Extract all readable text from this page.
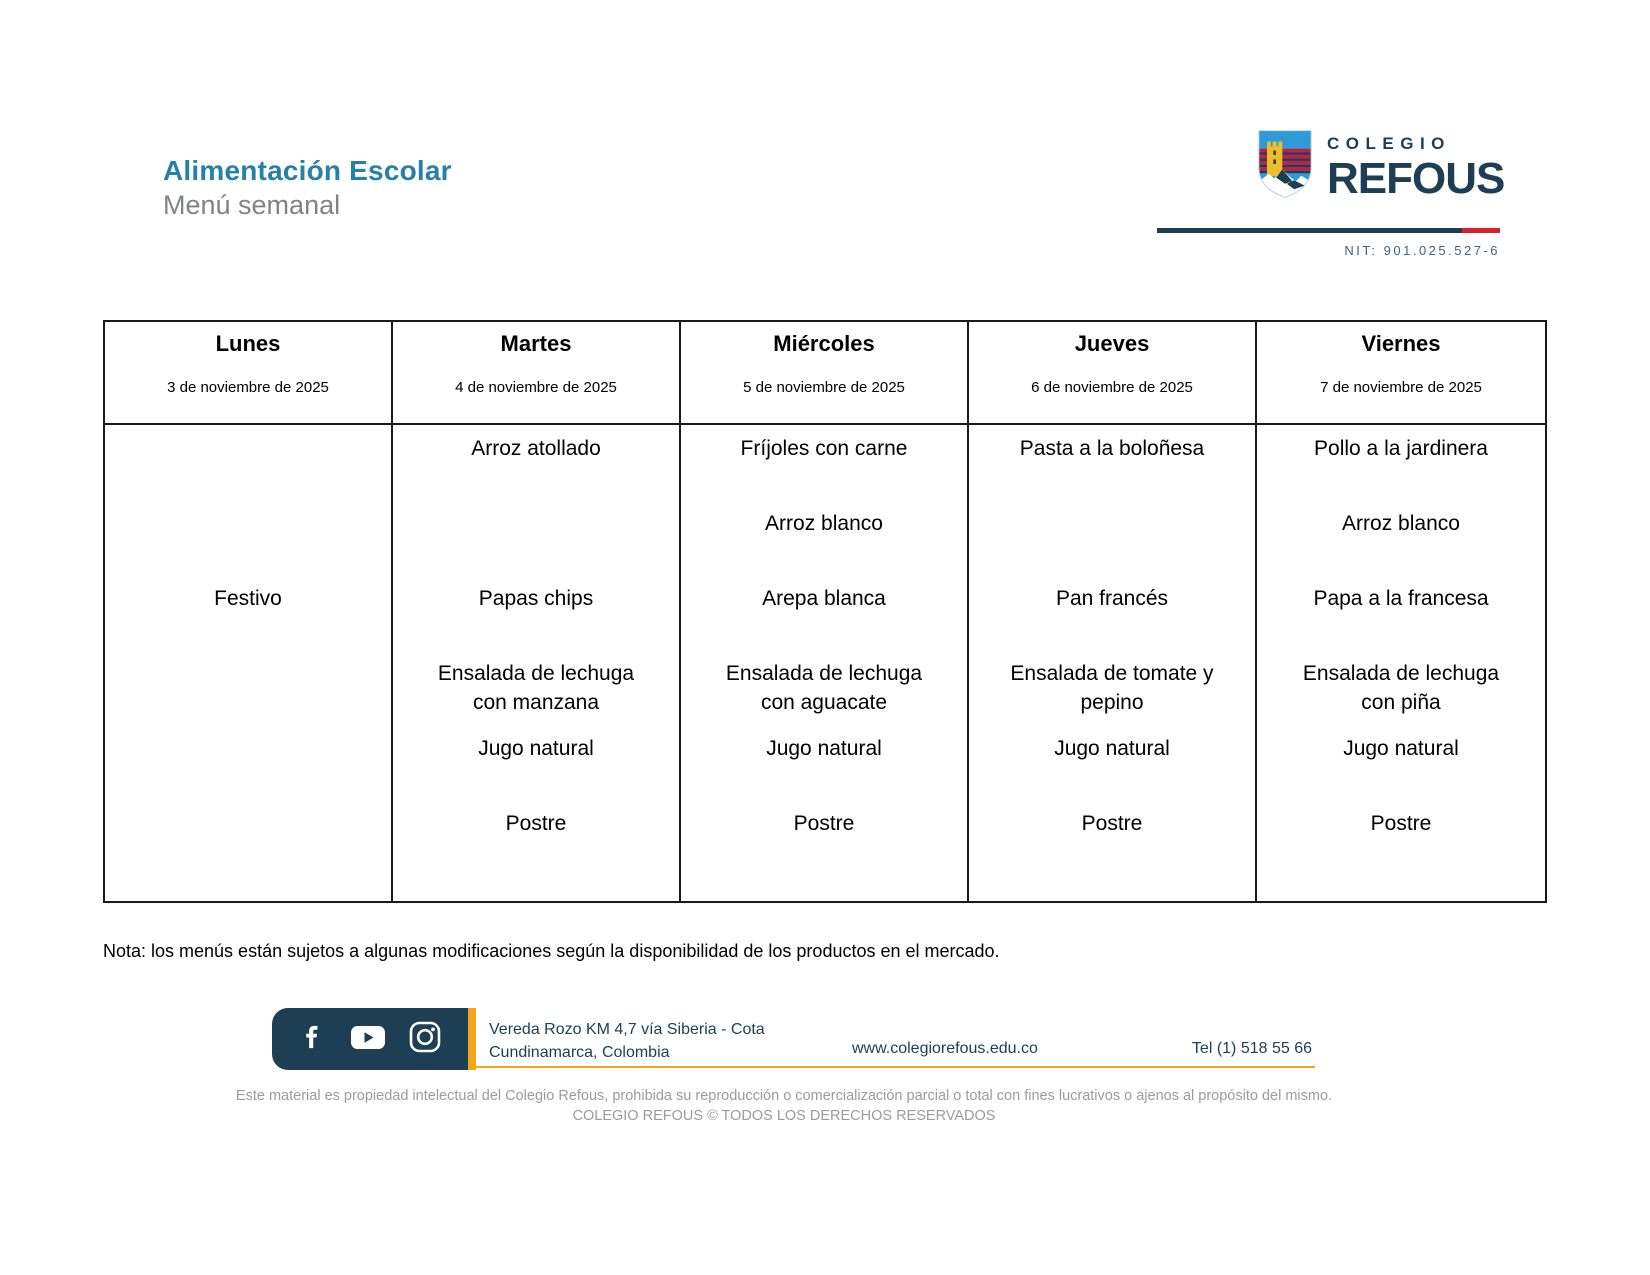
Alimentación Escolar
Menú semanal
COLEGIO
REFOUS
NIT: 901.025.527-6
Lunes
3 de noviembre de 2025
Festivo
Martes
4 de noviembre de 2025
Arroz atollado
Papas chips
Ensalada de lechuga con manzana
Jugo natural
Postre
Miércoles
5 de noviembre de 2025
Fríjoles con carne
Arroz blanco
Arepa blanca
Ensalada de lechuga con aguacate
Jugo natural
Postre
Jueves
6 de noviembre de 2025
Pasta a la boloñesa
Pan francés
Ensalada de tomate y pepino
Jugo natural
Postre
Viernes
7 de noviembre de 2025
Pollo a la jardinera
Arroz blanco
Papa a la francesa
Ensalada de lechuga con piña
Jugo natural
Postre
Nota: los menús están sujetos a algunas modificaciones según la disponibilidad de los productos en el mercado.
Vereda Rozo KM 4,7 vía Siberia - Cota
Cundinamarca, Colombia	www.colegiorefous.edu.co	Tel (1) 518 55 66
Este material es propiedad intelectual del Colegio Refous, prohibida su reproducción o comercialización parcial o total con fines lucrativos o ajenos al propósito del mismo.
COLEGIO REFOUS © TODOS LOS DERECHOS RESERVADOS
